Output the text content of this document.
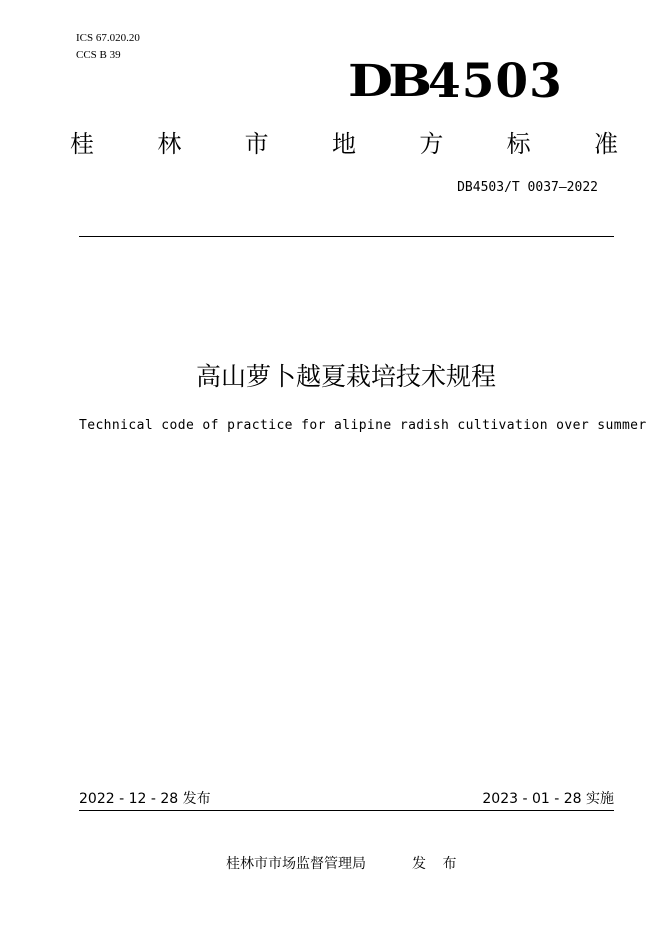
ICS 67.020.20
CCS B 39
DB 4503
桂	林	市	地	方	标	准
DB4503/T 0037—2022
高山萝卜越夏栽培技术规程
Technical code of practice for alipine radish cultivation over summer
2022 - 12 - 28 发布	2023 - 01 - 28 实施
桂林市市场监督管理局	发 布
